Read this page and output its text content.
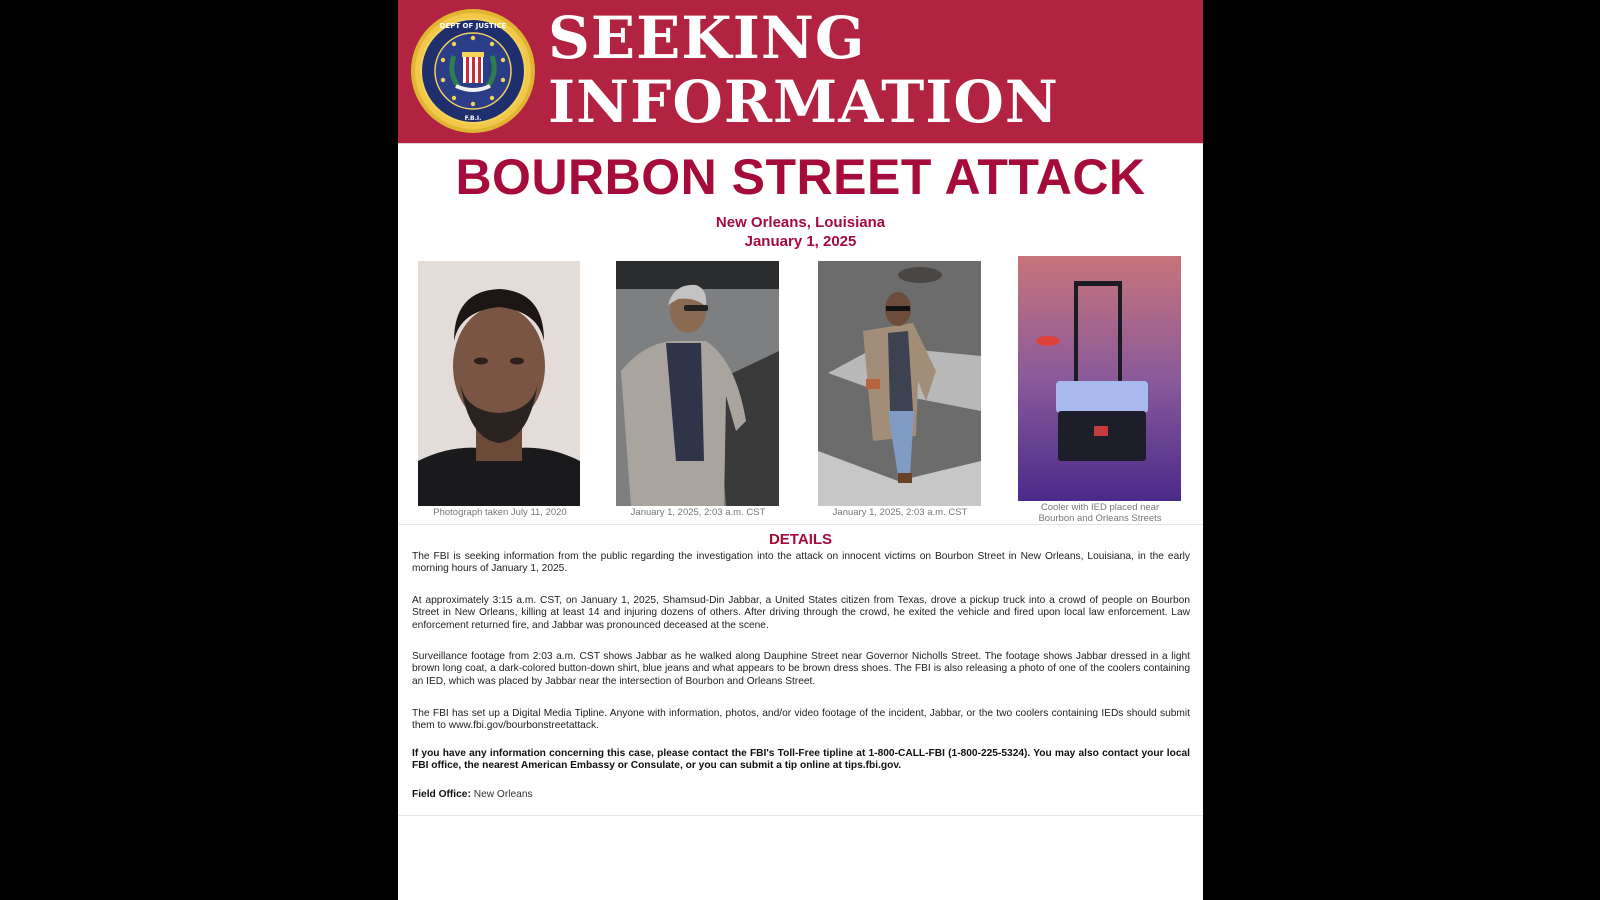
DEPT OF JUSTICE
F.B.I.
SEEKING
INFORMATION
BOURBON STREET ATTACK
New Orleans, Louisiana
January 1, 2025
Photograph taken July 11, 2020	January 1, 2025, 2:03 a.m. CST	January 1, 2025, 2:03 a.m. CST	Cooler with IED placed near
Bourbon and Orleans Streets
DETAILS
The FBI is seeking information from the public regarding the investigation into the attack on innocent victims on Bourbon Street in New Orleans, Louisiana, in the early morning hours of January 1, 2025.
At approximately 3:15 a.m. CST, on January 1, 2025, Shamsud-Din Jabbar, a United States citizen from Texas, drove a pickup truck into a crowd of people on Bourbon Street in New Orleans, killing at least 14 and injuring dozens of others. After driving through the crowd, he exited the vehicle and fired upon local law enforcement. Law enforcement returned fire, and Jabbar was pronounced deceased at the scene.
Surveillance footage from 2:03 a.m. CST shows Jabbar as he walked along Dauphine Street near Governor Nicholls Street. The footage shows Jabbar dressed in a light brown long coat, a dark-colored button-down shirt, blue jeans and what appears to be brown dress shoes. The FBI is also releasing a photo of one of the coolers containing an IED, which was placed by Jabbar near the intersection of Bourbon and Orleans Street.
The FBI has set up a Digital Media Tipline. Anyone with information, photos, and/or video footage of the incident, Jabbar, or the two coolers containing IEDs should submit them to www.fbi.gov/bourbonstreetattack.
If you have any information concerning this case, please contact the FBI's Toll-Free tipline at 1-800-CALL-FBI (1-800-225-5324). You may also contact your local FBI office, the nearest American Embassy or Consulate, or you can submit a tip online at tips.fbi.gov.
Field Office: New Orleans
